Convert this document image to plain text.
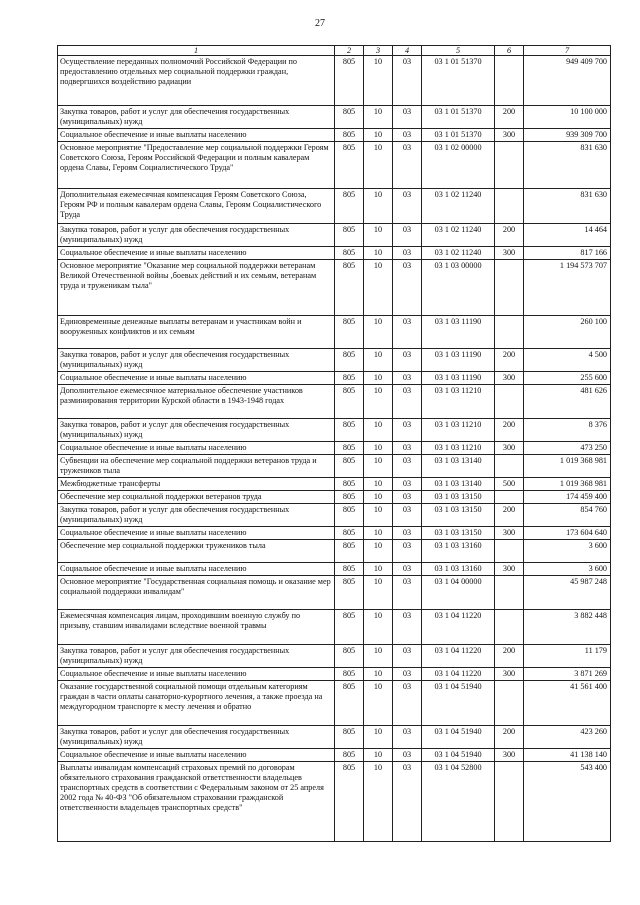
27
1	2	3	4	5	6	7
Осуществление переданных полномочий Российской Федерации по предоставлению отдельных мер социальной поддержки граждан, подвергшихся воздействию радиации	805	10	03	03 1 01 51370		949 409 700
Закупка товаров, работ и услуг для обеспечения государственных (муниципальных) нужд	805	10	03	03 1 01 51370	200	10 100 000
Социальное обеспечение и иные выплаты населению	805	10	03	03 1 01 51370	300	939 309 700
Основное мероприятие "Предоставление мер социальной поддержки Героям Советского Союза, Героям Российской Федерации и полным кавалерам ордена Славы, Героям Социалистического Труда"	805	10	03	03 1 02 00000		831 630
Дополнительная ежемесячная компенсация Героям Советского Союза, Героям РФ и полным кавалерам ордена Славы, Героям Социалистического Труда	805	10	03	03 1 02 11240		831 630
Закупка товаров, работ и услуг для обеспечения государственных (муниципальных) нужд	805	10	03	03 1 02 11240	200	14 464
Социальное обеспечение и иные выплаты населению	805	10	03	03 1 02 11240	300	817 166
Основное мероприятие "Оказание мер социальной поддержки ветеранам Великой Отечественной войны ,боевых действий и их семьям, ветеранам труда и труженикам тыла"	805	10	03	03 1 03 00000		1 194 573 707
Единовременные денежные выплаты ветеранам и участникам войн и вооруженных конфликтов и их семьям	805	10	03	03 1 03 11190		260 100
Закупка товаров, работ и услуг для обеспечения государственных (муниципальных) нужд	805	10	03	03 1 03 11190	200	4 500
Социальное обеспечение и иные выплаты населению	805	10	03	03 1 03 11190	300	255 600
Дополнительное ежемесячное материальное обеспечение участников разминирования территории Курской области в 1943-1948 годах	805	10	03	03 1 03 11210		481 626
Закупка товаров, работ и услуг для обеспечения государственных (муниципальных) нужд	805	10	03	03 1 03 11210	200	8 376
Социальное обеспечение и иные выплаты населению	805	10	03	03 1 03 11210	300	473 250
Субвенции на обеспечение мер социальной поддержки ветеранов труда и тружеников тыла	805	10	03	03 1 03 13140		1 019 368 981
Межбюджетные трансферты	805	10	03	03 1 03 13140	500	1 019 368 981
Обеспечение мер социальной поддержки ветеранов труда	805	10	03	03 1 03 13150		174 459 400
Закупка товаров, работ и услуг для обеспечения государственных (муниципальных) нужд	805	10	03	03 1 03 13150	200	854 760
Социальное обеспечение и иные выплаты населению	805	10	03	03 1 03 13150	300	173 604 640
Обеспечение мер социальной поддержки тружеников тыла	805	10	03	03 1 03 13160		3 600
Социальное обеспечение и иные выплаты населению	805	10	03	03 1 03 13160	300	3 600
Основное мероприятие "Государственная социальная помощь и оказание мер социальной поддержки инвалидам"	805	10	03	03 1 04 00000		45 987 248
Ежемесячная компенсация лицам, проходившим военную службу по призыву, ставшим инвалидами вследствие военной травмы	805	10	03	03 1 04 11220		3 882 448
Закупка товаров, работ и услуг для обеспечения государственных (муниципальных) нужд	805	10	03	03 1 04 11220	200	11 179
Социальное обеспечение и иные выплаты населению	805	10	03	03 1 04 11220	300	3 871 269
Оказание государственной социальной помощи отдельным категориям граждан в части оплаты санаторно-курортного лечения, а также проезда на междугородном транспорте к месту лечения и обратно	805	10	03	03 1 04 51940		41 561 400
Закупка товаров, работ и услуг для обеспечения государственных (муниципальных) нужд	805	10	03	03 1 04 51940	200	423 260
Социальное обеспечение и иные выплаты населению	805	10	03	03 1 04 51940	300	41 138 140
Выплаты инвалидам компенсаций страховых премий по договорам обязательного страхования гражданской ответственности владельцев транспортных средств в соответствии с Федеральным законом от 25 апреля 2002 года № 40-ФЗ "Об обязательном страховании гражданской ответственности владельцев транспортных средств"	805	10	03	03 1 04 52800		543 400
